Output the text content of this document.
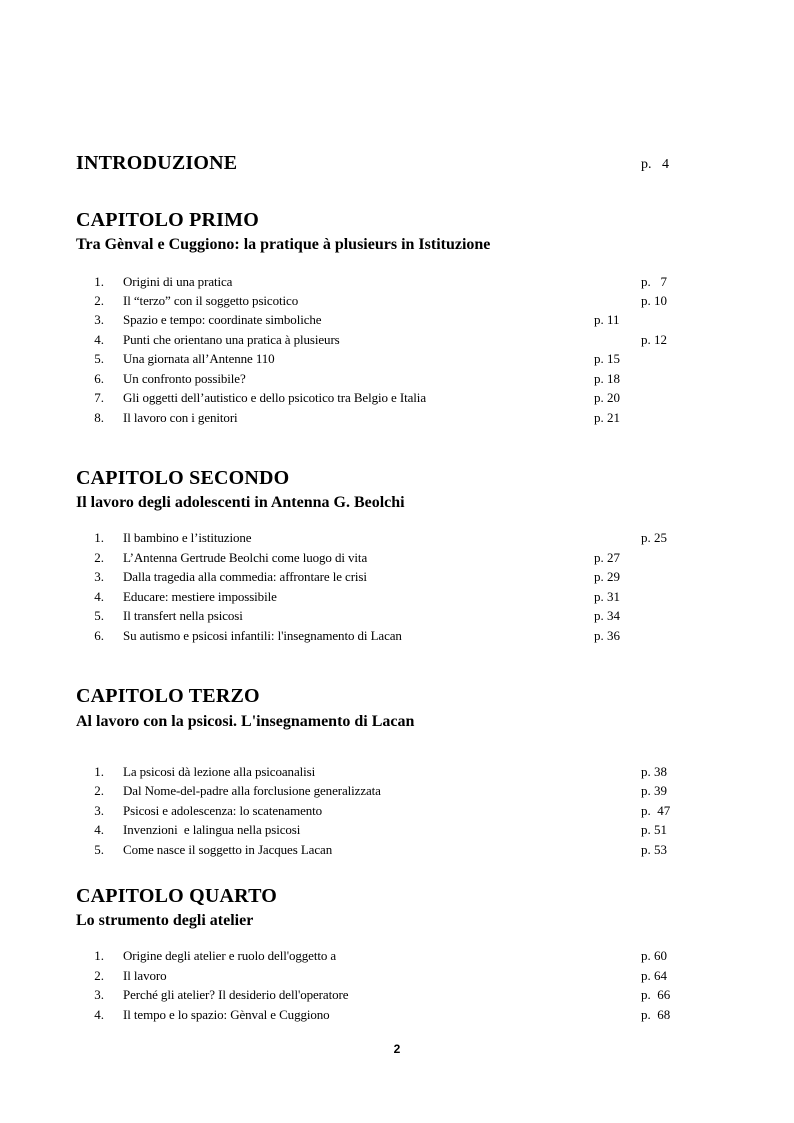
INTRODUZIONE	p.   4
CAPITOLO PRIMO
Tra Gènval e Cuggiono: la pratique à plusieurs in Istituzione
1. Origini di una pratica	p.   7
2. Il “terzo” con il soggetto psicotico	p. 10
3. Spazio e tempo: coordinate simboliche	p. 11
4. Punti che orientano una pratica à plusieurs	p. 12
5. Una giornata all’Antenne 110	p. 15
6. Un confronto possibile?	p. 18
7. Gli oggetti dell’autistico e dello psicotico tra Belgio e Italia	p. 20
8. Il lavoro con i genitori	p. 21
CAPITOLO SECONDO
Il lavoro degli adolescenti in Antenna G. Beolchi
1. Il bambino e l’istituzione	p. 25
2. L’Antenna Gertrude Beolchi come luogo di vita	p. 27
3. Dalla tragedia alla commedia: affrontare le crisi	p. 29
4. Educare: mestiere impossibile	p. 31
5. Il transfert nella psicosi	p. 34
6. Su autismo e psicosi infantili: l'insegnamento di Lacan	p. 36
CAPITOLO TERZO
Al lavoro con la psicosi. L'insegnamento di Lacan
1. La psicosi dà lezione alla psicoanalisi	p. 38
2. Dal Nome-del-padre alla forclusione generalizzata	p. 39
3. Psicosi e adolescenza: lo scatenamento	p.  47
4. Invenzioni  e lalingua nella psicosi	p. 51
5. Come nasce il soggetto in Jacques Lacan	p. 53
CAPITOLO QUARTO
Lo strumento degli atelier
1. Origine degli atelier e ruolo dell'oggetto a	p. 60
2. Il lavoro	p. 64
3. Perché gli atelier? Il desiderio dell'operatore	p.  66
4. Il tempo e lo spazio: Gènval e Cuggiono	p.  68
2
